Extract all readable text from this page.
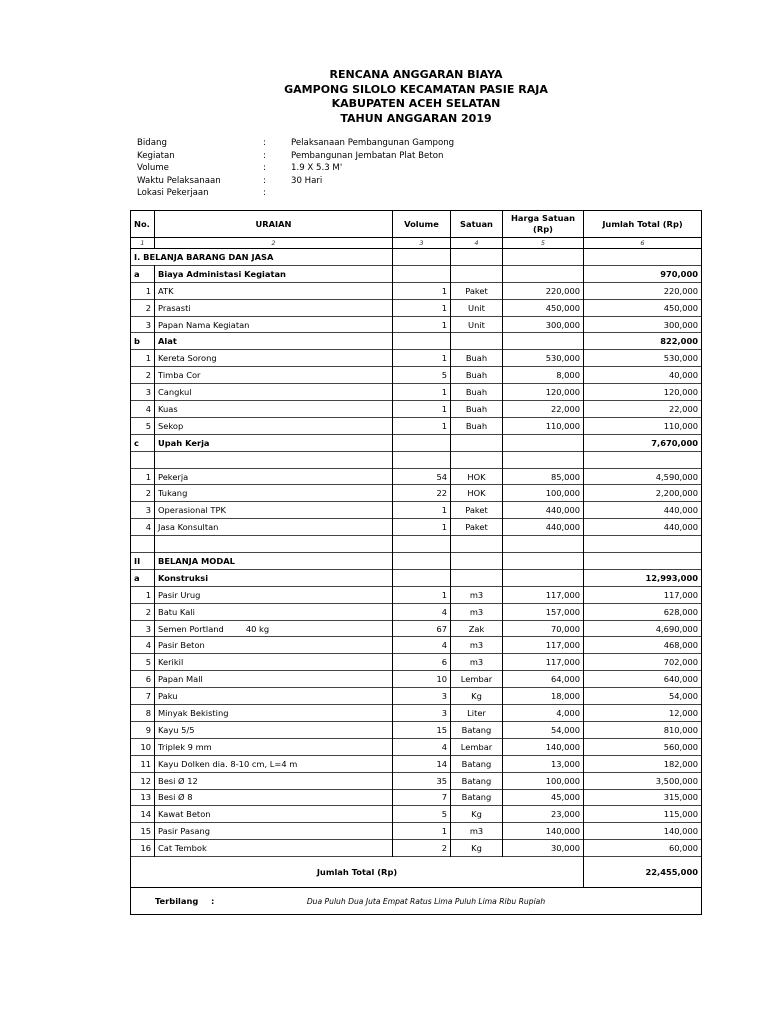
RENCANA ANGGARAN BIAYA
GAMPONG SILOLO KECAMATAN PASIE RAJA
KABUPATEN ACEH SELATAN
TAHUN ANGGARAN 2019
Bidang	:	Pelaksanaan Pembangunan Gampong
Kegiatan	:	Pembangunan Jembatan Plat Beton
Volume	:	1.9 X 5.3 M'
Waktu Pelaksanaan	:	30 Hari
Lokasi Pekerjaan	:
No.	URAIAN	Volume	Satuan	Harga Satuan (Rp)	Jumlah Total (Rp)
1	2	3	4	5	6
I. BELANJA BARANG DAN JASA					
a	Biaya Administasi Kegiatan				970,000
1	ATK	1	Paket	220,000	220,000
2	Prasasti	1	Unit	450,000	450,000
3	Papan Nama Kegiatan	1	Unit	300,000	300,000
b	Alat				822,000
1	Kereta Sorong	1	Buah	530,000	530,000
2	Timba Cor	5	Buah	8,000	40,000
3	Cangkul	1	Buah	120,000	120,000
4	Kuas	1	Buah	22,000	22,000
5	Sekop	1	Buah	110,000	110,000
c	Upah Kerja				7,670,000

1	Pekerja	54	HOK	85,000	4,590,000
2	Tukang	22	HOK	100,000	2,200,000
3	Operasional TPK	1	Paket	440,000	440,000
4	Jasa Konsultan	1	Paket	440,000	440,000

II	BELANJA MODAL				
a	Konstruksi				12,993,000
1	Pasir Urug	1	m3	117,000	117,000
2	Batu Kali	4	m3	157,000	628,000
3	Semen Portland 40 kg	67	Zak	70,000	4,690,000
4	Pasir Beton	4	m3	117,000	468,000
5	Kerikil	6	m3	117,000	702,000
6	Papan Mall	10	Lembar	64,000	640,000
7	Paku	3	Kg	18,000	54,000
8	Minyak Bekisting	3	Liter	4,000	12,000
9	Kayu 5/5	15	Batang	54,000	810,000
10	Triplek 9 mm	4	Lembar	140,000	560,000
11	Kayu Dolken dia. 8-10 cm, L=4 m	14	Batang	13,000	182,000
12	Besi Ø 12	35	Batang	100,000	3,500,000
13	Besi Ø 8	7	Batang	45,000	315,000
14	Kawat Beton	5	Kg	23,000	115,000
15	Pasir Pasang	1	m3	140,000	140,000
16	Cat Tembok	2	Kg	30,000	60,000
Jumlah Total (Rp)					22,455,000

Terbilang : Dua Puluh Dua Juta Empat Ratus Lima Puluh Lima Ribu Rupiah					
